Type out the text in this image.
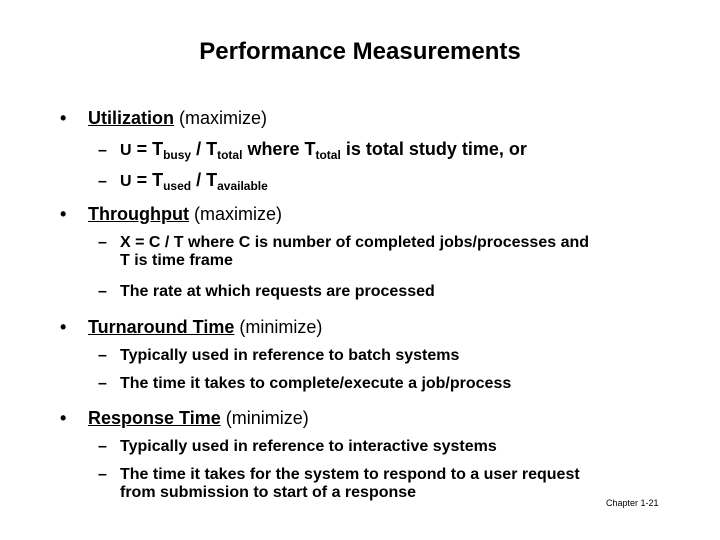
Performance Measurements
• Utilization (maximize)
– $U = T_{busy} / T_{total}$ where $T_{total}$ is total study time, or
– $U = T_{used} / T_{available}$
• Throughput (maximize)
– X = C / T where C is number of completed jobs/processes and
T is time frame
– The rate at which requests are processed
• Turnaround Time (minimize)
– Typically used in reference to batch systems
– The time it takes to complete/execute a job/process
• Response Time (minimize)
– Typically used in reference to interactive systems
– The time it takes for the system to respond to a user request
from submission to start of a response
Chapter 1-21
